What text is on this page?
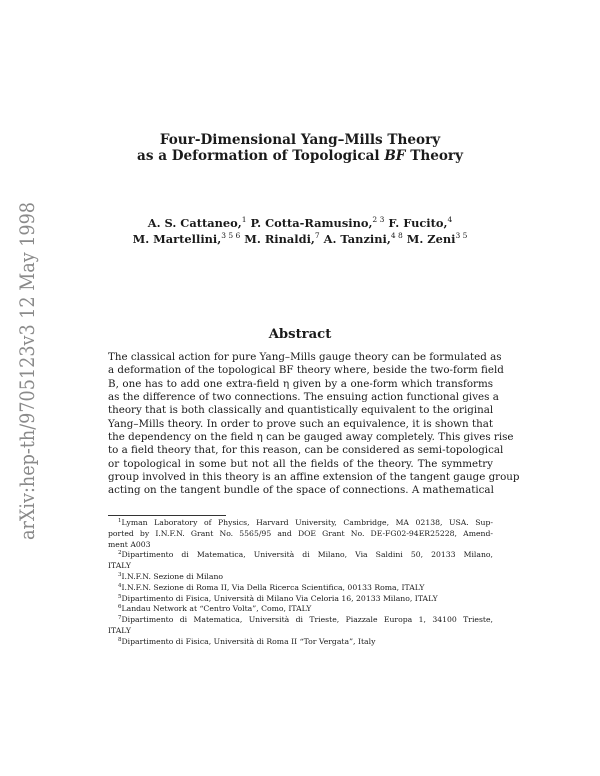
arXiv:hep-th/9705123v3 12 May 1998
Four-Dimensional Yang–Mills Theory
as a Deformation of Topological BF Theory
A. S. Cattaneo,$^1$ P. Cotta-Ramusino,$^{2 3}$ F. Fucito,$^4$
M. Martellini,$^{3 5 6}$ M. Rinaldi,$^7$ A. Tanzini,$^{4 8}$ M. Zeni$^{3 5}$
Abstract
The classical action for pure Yang–Mills gauge theory can be formulated as
a deformation of the topological BF theory where, beside the two-form field
B, one has to add one extra-field η given by a one-form which transforms
as the difference of two connections. The ensuing action functional gives a
theory that is both classically and quantistically equivalent to the original
Yang–Mills theory. In order to prove such an equivalence, it is shown that
the dependency on the field η can be gauged away completely. This gives rise
to a field theory that, for this reason, can be considered as semi-topological
or topological in some but not all the fields of the theory. The symmetry
group involved in this theory is an affine extension of the tangent gauge group
acting on the tangent bundle of the space of connections. A mathematical
$^1$Lyman Laboratory of Physics, Harvard University, Cambridge, MA 02138, USA. Sup-
ported by I.N.F.N. Grant No. 5565/95 and DOE Grant No. DE-FG02-94ER25228, Amend-
ment A003
$^2$Dipartimento di Matematica, Università di Milano, Via Saldini 50, 20133 Milano,
ITALY
$^3$I.N.F.N. Sezione di Milano
$^4$I.N.F.N. Sezione di Roma II, Via Della Ricerca Scientifica, 00133 Roma, ITALY
$^5$Dipartimento di Fisica, Università di Milano Via Celoria 16, 20133 Milano, ITALY
$^6$Landau Network at “Centro Volta”, Como, ITALY
$^7$Dipartimento di Matematica, Università di Trieste, Piazzale Europa 1, 34100 Trieste,
ITALY
$^8$Dipartimento di Fisica, Università di Roma II “Tor Vergata”, Italy
